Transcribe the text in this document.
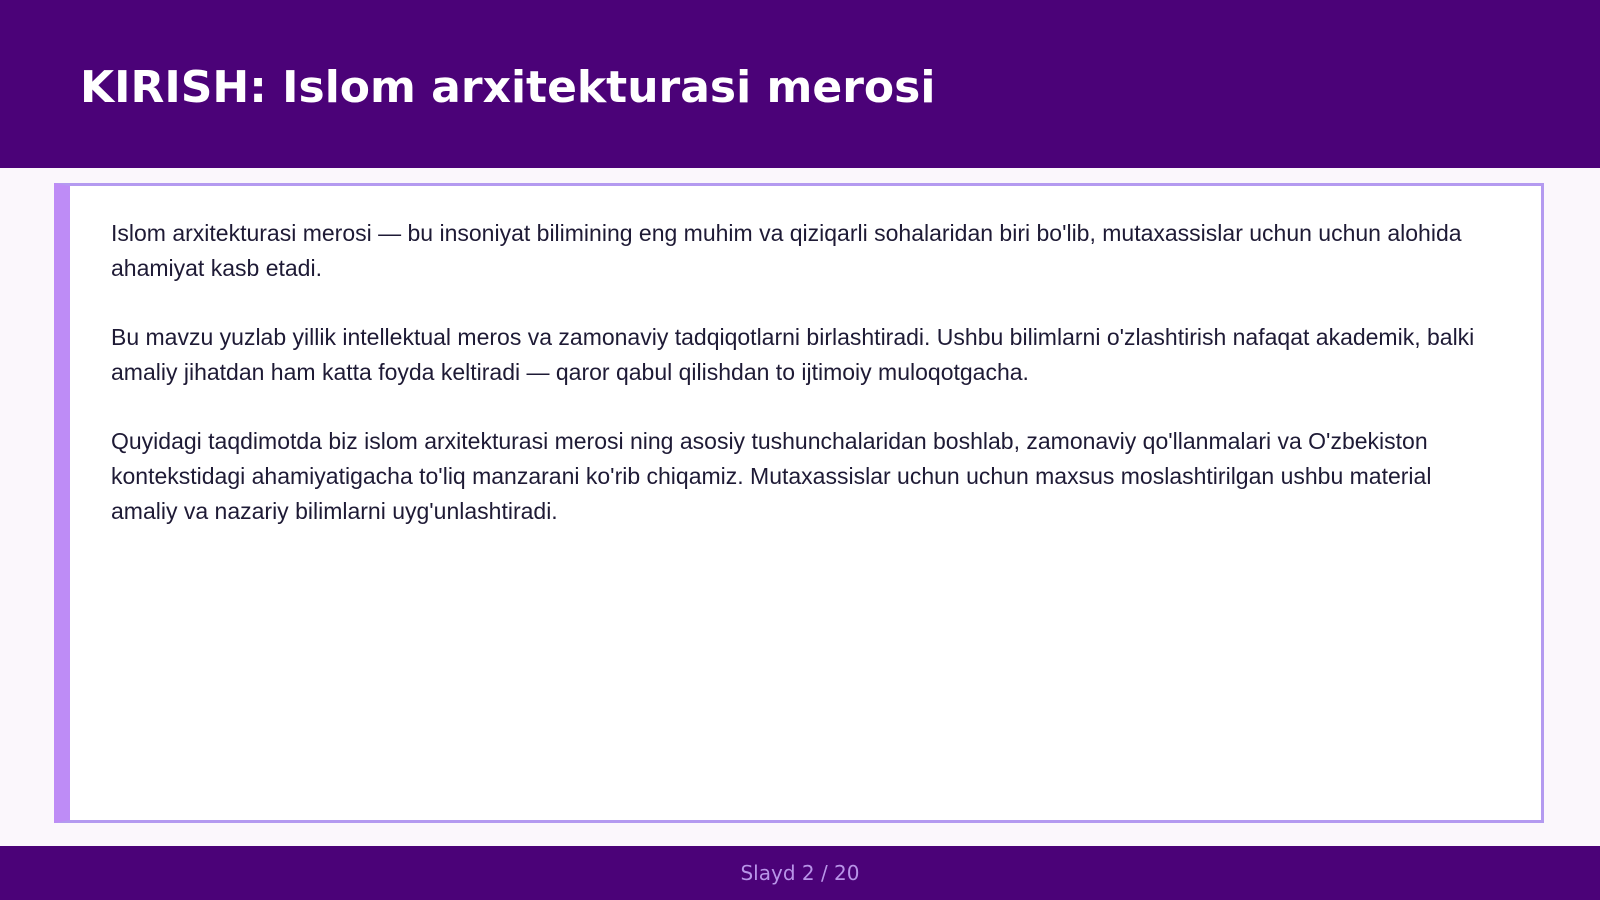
KIRISH: Islom arxitekturasi merosi

Islom arxitekturasi merosi — bu insoniyat bilimining eng muhim va qiziqarli sohalaridan biri bo'lib, mutaxassislar uchun uchun alohida ahamiyat kasb etadi.

Bu mavzu yuzlab yillik intellektual meros va zamonaviy tadqiqotlarni birlashtiradi. Ushbu bilimlarni o'zlashtirish nafaqat akademik, balki amaliy jihatdan ham katta foyda keltiradi — qaror qabul qilishdan to ijtimoiy muloqotgacha.

Quyidagi taqdimotda biz islom arxitekturasi merosi ning asosiy tushunchalaridan boshlab, zamonaviy qo'llanmalari va O'zbekiston kontekstidagi ahamiyatigacha to'liq manzarani ko'rib chiqamiz. Mutaxassislar uchun uchun maxsus moslashtirilgan ushbu material amaliy va nazariy bilimlarni uyg'unlashtiradi.

Slayd 2 / 20
